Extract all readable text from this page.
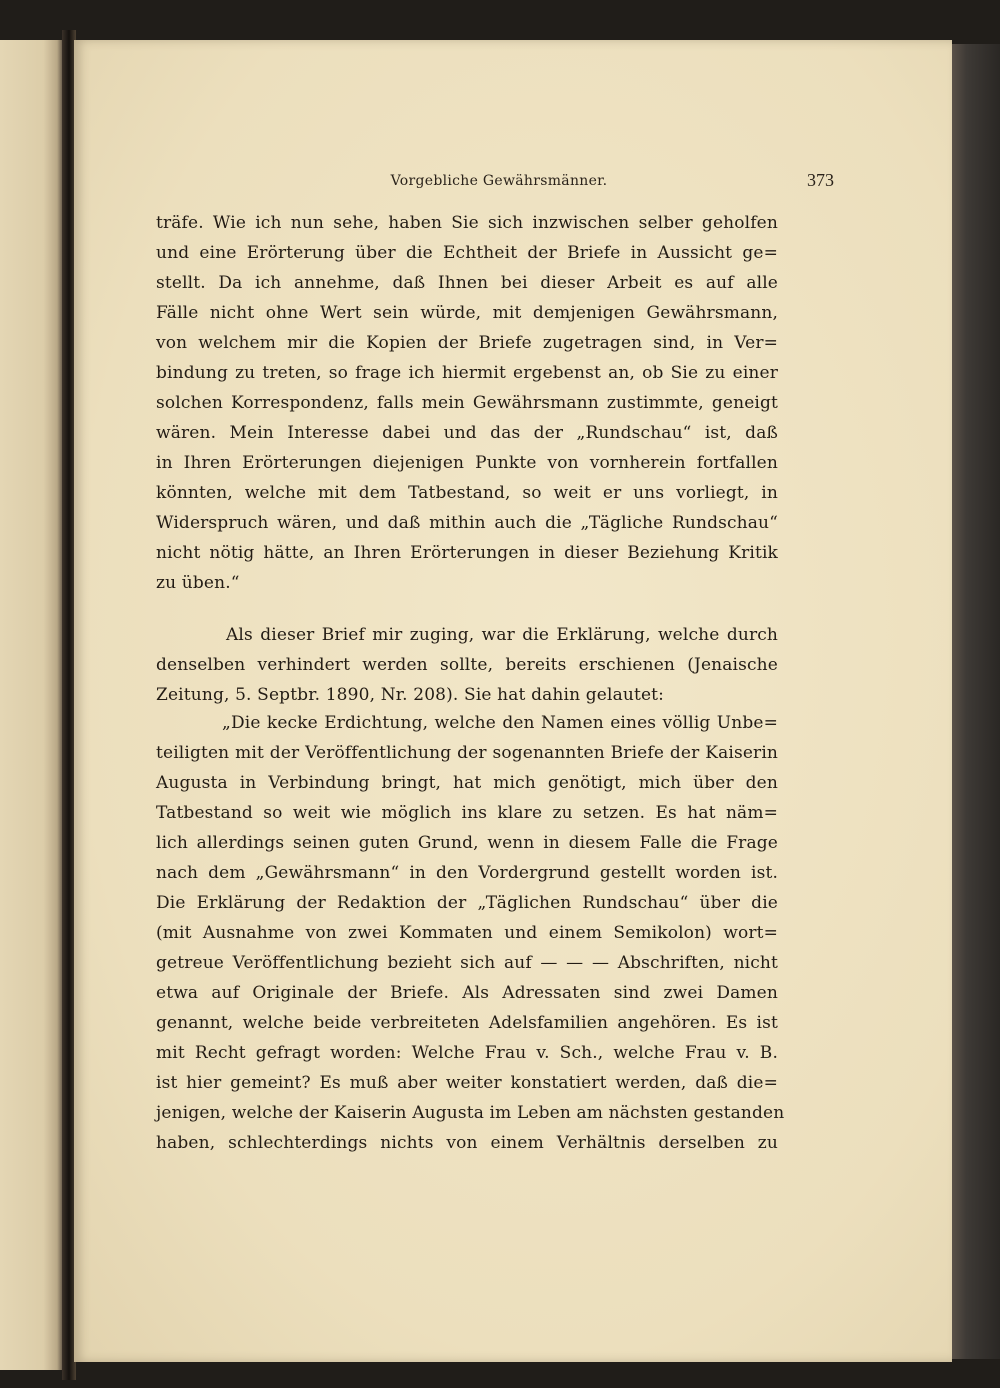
Vorgebliche Gewährsmänner.	373
träfe. Wie ich nun sehe, haben Sie sich inzwischen selber geholfen
und eine Erörterung über die Echtheit der Briefe in Aussicht ge=
stellt. Da ich annehme, daß Ihnen bei dieser Arbeit es auf alle
Fälle nicht ohne Wert sein würde, mit demjenigen Gewährsmann,
von welchem mir die Kopien der Briefe zugetragen sind, in Ver=
bindung zu treten, so frage ich hiermit ergebenst an, ob Sie zu einer
solchen Korrespondenz, falls mein Gewährsmann zustimmte, geneigt
wären. Mein Interesse dabei und das der „Rundschau“ ist, daß
in Ihren Erörterungen diejenigen Punkte von vornherein fortfallen
könnten, welche mit dem Tatbestand, so weit er uns vorliegt, in
Widerspruch wären, und daß mithin auch die „Tägliche Rundschau“
nicht nötig hätte, an Ihren Erörterungen in dieser Beziehung Kritik
zu üben.“
Als dieser Brief mir zuging, war die Erklärung, welche durch
denselben verhindert werden sollte, bereits erschienen (Jenaische
Zeitung, 5. Septbr. 1890, Nr. 208). Sie hat dahin gelautet:
„Die kecke Erdichtung, welche den Namen eines völlig Unbe=
teiligten mit der Veröffentlichung der sogenannten Briefe der Kaiserin
Augusta in Verbindung bringt, hat mich genötigt, mich über den
Tatbestand so weit wie möglich ins klare zu setzen. Es hat näm=
lich allerdings seinen guten Grund, wenn in diesem Falle die Frage
nach dem „Gewährsmann“ in den Vordergrund gestellt worden ist.
Die Erklärung der Redaktion der „Täglichen Rundschau“ über die
(mit Ausnahme von zwei Kommaten und einem Semikolon) wort=
getreue Veröffentlichung bezieht sich auf — — — Abschriften, nicht
etwa auf Originale der Briefe. Als Adressaten sind zwei Damen
genannt, welche beide verbreiteten Adelsfamilien angehören. Es ist
mit Recht gefragt worden: Welche Frau v. Sch., welche Frau v. B.
ist hier gemeint? Es muß aber weiter konstatiert werden, daß die=
jenigen, welche der Kaiserin Augusta im Leben am nächsten gestanden
haben, schlechterdings nichts von einem Verhältnis derselben zu
